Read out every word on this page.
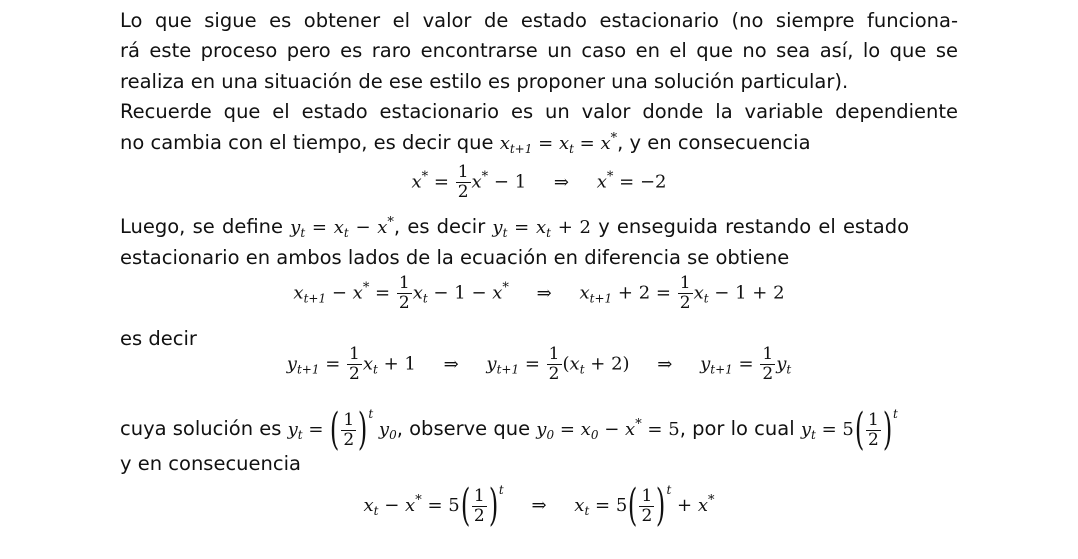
Lo que sigue es obtener el valor de estado estacionario (no siempre funciona-
rá este proceso pero es raro encontrarse un caso en el que no sea así, lo que se
realiza en una situación de ese estilo es proponer una solución particular).
Recuerde que el estado estacionario es un valor donde la variable dependiente
no cambia con el tiempo, es decir que $x_{t+1} = x_t = x^*$, y en consecuencia
$x^* = \frac{1}{2} x^* - 1$ ⇒ x* = −2
Luego, se define $y_t = x_t - x^*$, es decir $y_t = x_t + 2$ y enseguida restando el estado
estacionario en ambos lados de la ecuación en diferencia se obtiene
$x_{t+1} - x^* = \frac{1}{2} x_t - 1 - x^*$ ⇒ $x_{t+1} + 2 = \frac{1}{2} x_t - 1 + 2$
es decir
$y_{t+1} = \frac{1}{2} x_t + 1$ ⇒ $y_{t+1} = \frac{1}{2} (x_t + 2)$ ⇒ $y_{t+1} = \frac{1}{2} y_t$
cuya solución es $y_t$ = ( $\frac{1}{2} )^t$ $y_0$, observe que $y_0 = x_0 - x^* = 5$, por lo cual $y_t = 5( \frac{1}{2} )^t$
y en consecuencia
$x_t - x^* = 5( \frac{1}{2} )^t$ ⇒ $x_t = 5( \frac{1}{2} )^t + x^*$
